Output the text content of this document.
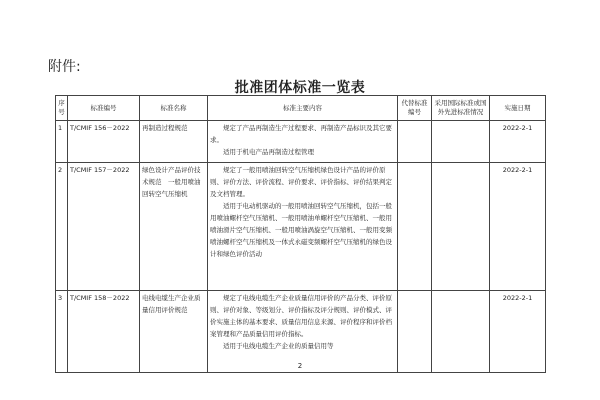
附件:
批准团体标准一览表
序号	标准编号	标准名称	标准主要内容	代替标准编号	采用国际标准或国外先进标准情况	实施日期
1	T/CMIF 156－2022	再制造过程规范	规定了产品再制造生产过程要求、再制造产品标识及其它要求。
适用于机电产品再制造过程管理			2022-2-1
2	T/CMIF 157－2022	绿色设计产品评价技术规范　一般用喷油回转空气压缩机	规定了一般用喷油回转空气压缩机绿色设计产品的评价原则、评价方法、评价流程、评价要求、评价指标、评价结果判定及文档管理。
适用于电动机驱动的一般用喷油回转空气压缩机，包括一般用喷油螺杆空气压缩机、一般用喷油单螺杆空气压缩机、一般用喷油滑片空气压缩机、一般用喷油涡旋空气压缩机、一般用变频喷油螺杆空气压缩机及一体式永磁变频螺杆空气压缩机的绿色设计和绿色评价活动			2022-2-1
3	T/CMIF 158－2022	电线电缆生产企业质量信用评价规范	规定了电线电缆生产企业质量信用评价的产品分类、评价原则、评价对象、等级划分、评价指标及评分规则、评价模式、评价实施主体的基本要求、质量信用信息来源、评价程序和评价档案管理和产品质量信用评价指标。
适用于电线电缆生产企业的质量信用等			2022-2-1
2
